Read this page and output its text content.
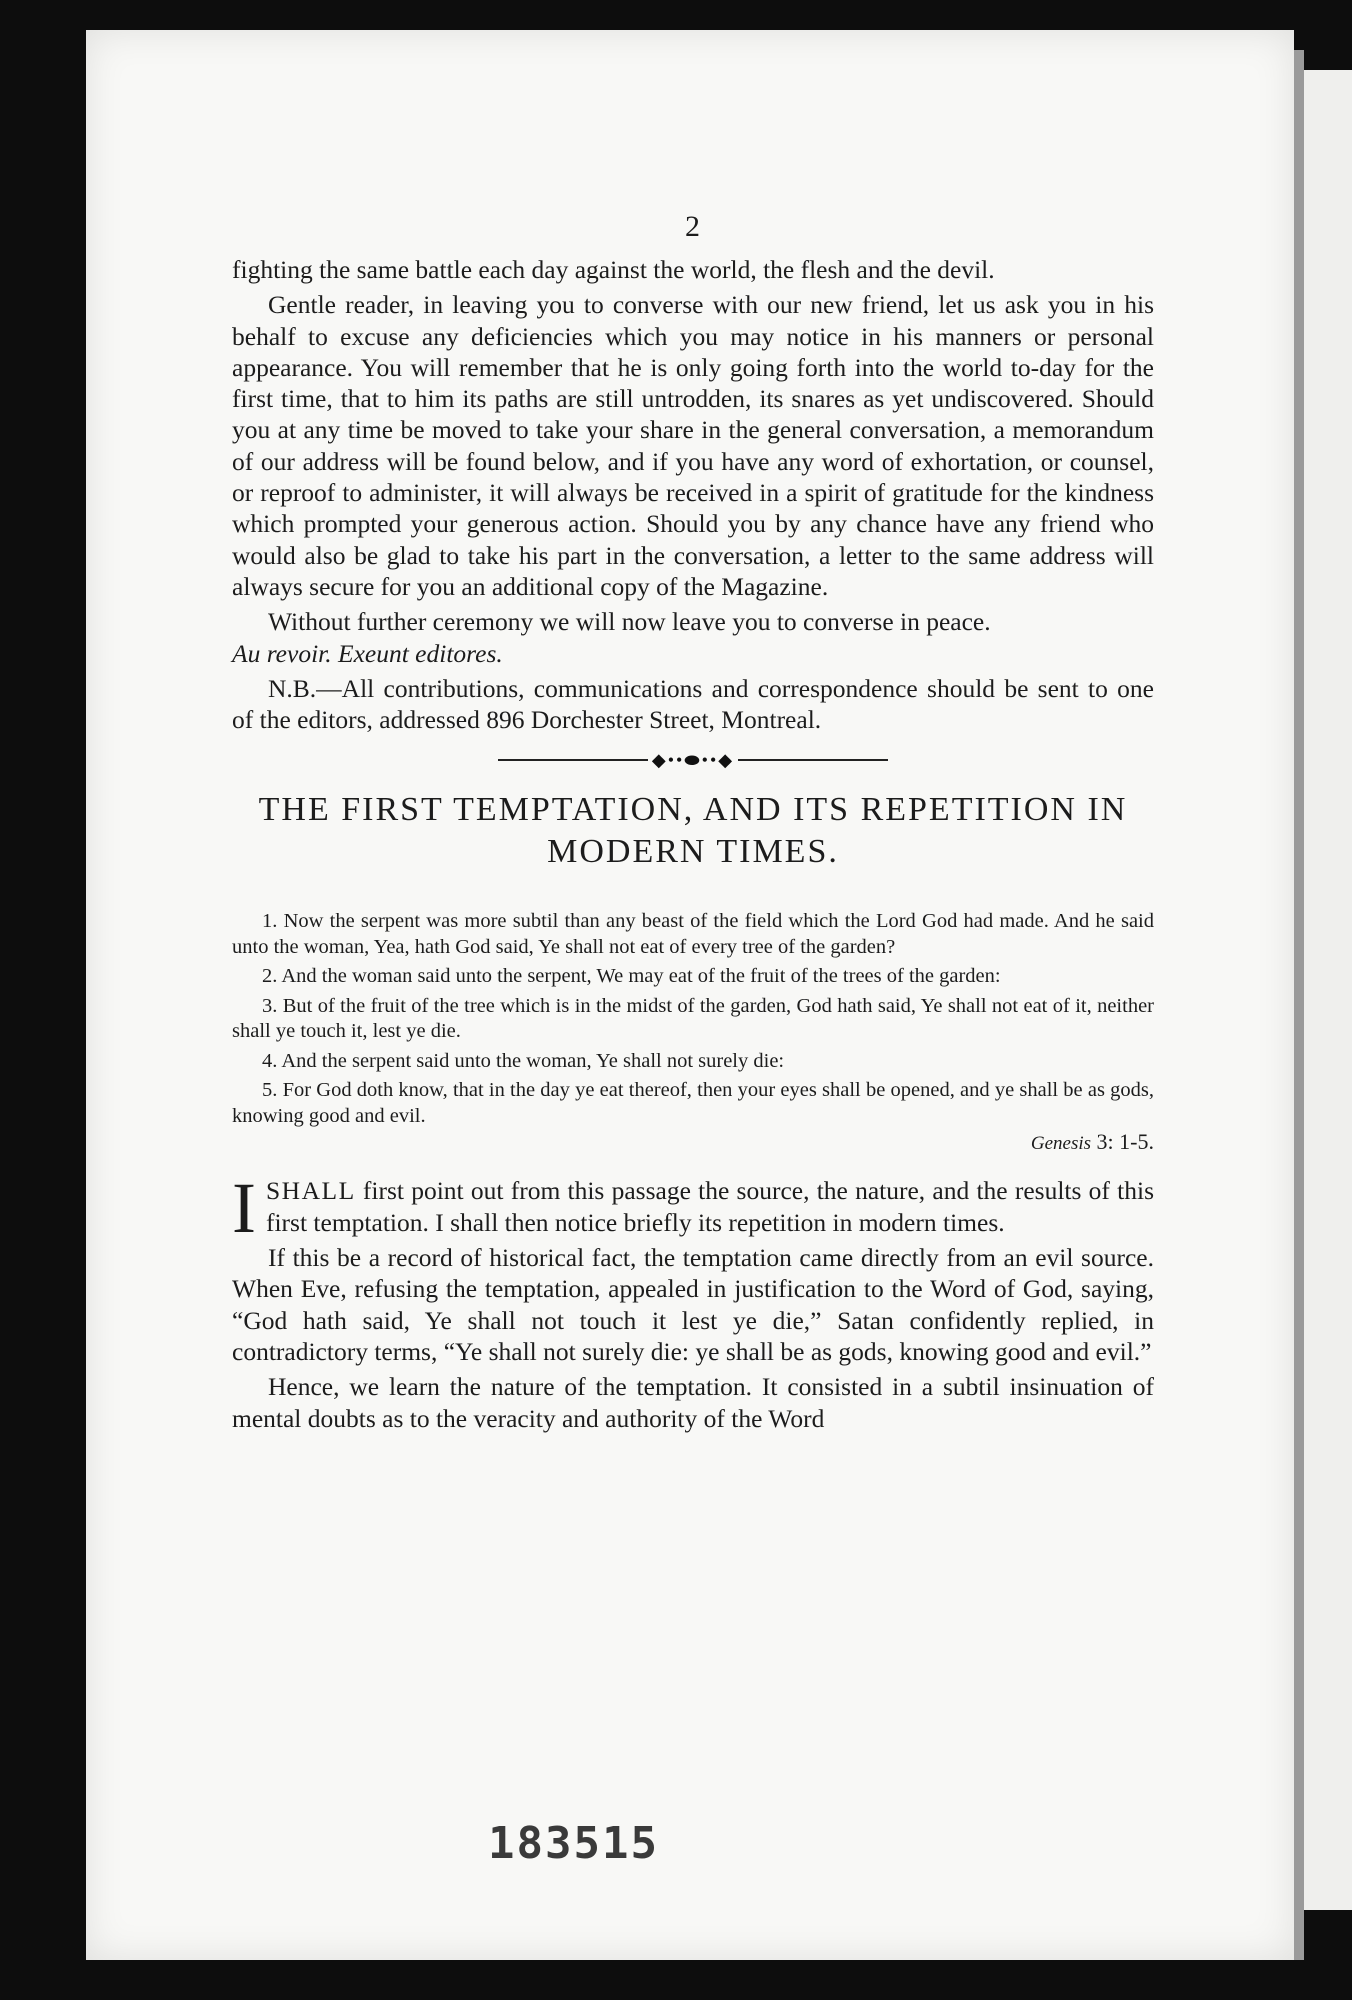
2

fighting the same battle each day against the world, the flesh and the devil.

Gentle reader, in leaving you to converse with our new friend, let us ask you in his behalf to excuse any deficiencies which you may notice in his manners or personal appearance. You will remember that he is only going forth into the world to-day for the first time, that to him its paths are still untrodden, its snares as yet undiscovered. Should you at any time be moved to take your share in the general conversation, a memorandum of our address will be found below, and if you have any word of exhortation, or counsel, or reproof to administer, it will always be received in a spirit of gratitude for the kindness which prompted your generous action. Should you by any chance have any friend who would also be glad to take his part in the conversation, a letter to the same address will always secure for you an additional copy of the Magazine.

Without further ceremony we will now leave you to converse in peace.

Au revoir. Exeunt editores.

N.B.—All contributions, communications and correspondence should be sent to one of the editors, addressed 896 Dorchester Street, Montreal.

◆••⬬••◆
THE FIRST TEMPTATION, AND ITS REPETITION IN MODERN TIMES.

1. Now the serpent was more subtil than any beast of the field which the Lord God had made. And he said unto the woman, Yea, hath God said, Ye shall not eat of every tree of the garden?

2. And the woman said unto the serpent, We may eat of the fruit of the trees of the garden:

3. But of the fruit of the tree which is in the midst of the garden, God hath said, Ye shall not eat of it, neither shall ye touch it, lest ye die.

4. And the serpent said unto the woman, Ye shall not surely die:

5. For God doth know, that in the day ye eat thereof, then your eyes shall be opened, and ye shall be as gods, knowing good and evil.

Genesis 3: 1-5.

I SHALL first point out from this passage the source, the nature, and the results of this first temptation. I shall then notice briefly its repetition in modern times.

If this be a record of historical fact, the temptation came directly from an evil source. When Eve, refusing the temptation, appealed in justification to the Word of God, saying, “God hath said, Ye shall not touch it lest ye die,” Satan confidently replied, in contradictory terms, “Ye shall not surely die: ye shall be as gods, knowing good and evil.”

Hence, we learn the nature of the temptation. It consisted in a subtil insinuation of mental doubts as to the veracity and authority of the Word

183515
